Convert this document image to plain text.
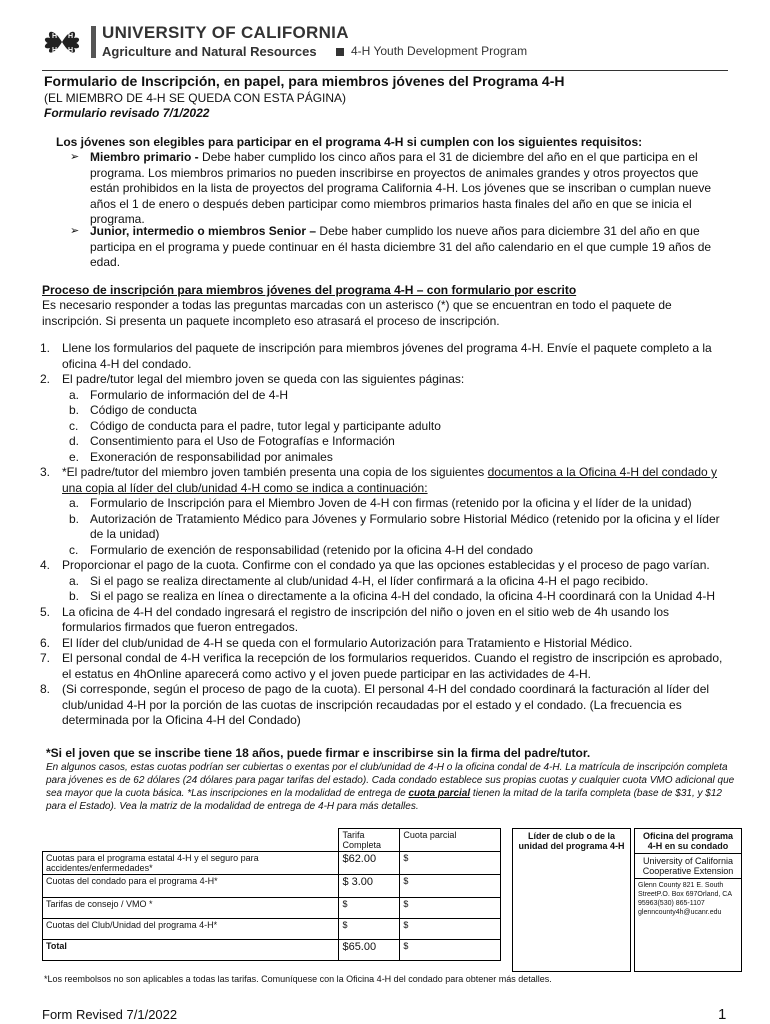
H H
H H
UNIVERSITY OF CALIFORNIA
Agriculture and Natural Resources	4-H Youth Development Program
Formulario de Inscripción, en papel, para miembros jóvenes del Programa 4-H
(EL MIEMBRO DE 4-H SE QUEDA CON ESTA PÁGINA)
Formulario revisado 7/1/2022
Los jóvenes son elegibles para participar en el programa 4-H si cumplen con los siguientes requisitos:
➢ Miembro primario - Debe haber cumplido los cinco años para el 31 de diciembre del año en el que participa en el programa. Los miembros primarios no pueden inscribirse en proyectos de animales grandes y otros proyectos que están prohibidos en la lista de proyectos del programa California 4-H. Los jóvenes que se inscriban o cumplan nueve años el 1 de enero o después deben participar como miembros primarios hasta finales del año en que se inicia el programa.
➢ Junior, intermedio o miembros Senior – Debe haber cumplido los nueve años para diciembre 31 del año en que participa en el programa y puede continuar en él hasta diciembre 31 del año calendario en el que cumple 19 años de edad.
Proceso de inscripción para miembros jóvenes del programa 4-H – con formulario por escrito
Es necesario responder a todas las preguntas marcadas con un asterisco (*) que se encuentran en todo el paquete de inscripción. Si presenta un paquete incompleto eso atrasará el proceso de inscripción.
1. Llene los formularios del paquete de inscripción para miembros jóvenes del programa 4-H. Envíe el paquete completo a la oficina 4-H del condado.
2. El padre/tutor legal del miembro joven se queda con las siguientes páginas:
a. Formulario de información del de 4-H
b. Código de conducta
c. Código de conducta para el padre, tutor legal y participante adulto
d. Consentimiento para el Uso de Fotografías e Información
e. Exoneración de responsabilidad por animales
3. *El padre/tutor del miembro joven también presenta una copia de los siguientes documentos a la Oficina 4-H del condado y una copia al líder del club/unidad 4-H como se indica a continuación:
a. Formulario de Inscripción para el Miembro Joven de 4-H con firmas (retenido por la oficina y el líder de la unidad)
b. Autorización de Tratamiento Médico para Jóvenes y Formulario sobre Historial Médico (retenido por la oficina y el líder de la unidad)
c. Formulario de exención de responsabilidad (retenido por la oficina 4-H del condado
4. Proporcionar el pago de la cuota. Confirme con el condado ya que las opciones establecidas y el proceso de pago varían.
a. Si el pago se realiza directamente al club/unidad 4-H, el líder confirmará a la oficina 4-H el pago recibido.
b. Si el pago se realiza en línea o directamente a la oficina 4-H del condado, la oficina 4-H coordinará con la Unidad 4-H
5. La oficina de 4-H del condado ingresará el registro de inscripción del niño o joven en el sitio web de 4h usando los formularios firmados que fueron entregados.
6. El líder del club/unidad de 4-H se queda con el formulario Autorización para Tratamiento e Historial Médico.
7. El personal condal de 4-H verifica la recepción de los formularios requeridos. Cuando el registro de inscripción es aprobado, el estatus en 4hOnline aparecerá como activo y el joven puede participar en las actividades de 4-H.
8. (Si corresponde, según el proceso de pago de la cuota). El personal 4-H del condado coordinará la facturación al líder del club/unidad 4-H por la porción de las cuotas de inscripción recaudadas por el estado y el condado. (La frecuencia es determinada por la Oficina 4-H del Condado)
*Si el joven que se inscribe tiene 18 años, puede firmar e inscribirse sin la firma del padre/tutor.
En algunos casos, estas cuotas podrían ser cubiertas o exentas por el club/unidad de 4-H o la oficina condal de 4-H. La matrícula de inscripción completa para jóvenes es de 62 dólares (24 dólares para pagar tarifas del estado). Cada condado establece sus propias cuotas y cualquier cuota VMO adicional que sea mayor que la cuota básica. *Las inscripciones en la modalidad de entrega de cuota parcial tienen la mitad de la tarifa completa (base de $31, y $12 para el Estado). Vea la matriz de la modalidad de entrega de 4-H para más detalles.
	Tarifa Completa	Cuota parcial
Cuotas para el programa estatal 4-H y el seguro para accidentes/enfermedades*	$62.00	$
Cuotas del condado para el programa 4-H*	$ 3.00	$
Tarifas de consejo / VMO *	$	$
Cuotas del Club/Unidad del programa 4-H*	$	$
Total	$65.00	$
Líder de club o de la unidad del programa 4-H
Oficina del programa 4-H en su condado
University of California Cooperative Extension
Glenn County 821 E. South StreetP.O. Box 697Orland, CA 95963(530) 865-1107 glenncounty4h@ucanr.edu
*Los reembolsos no son aplicables a todas las tarifas. Comuníquese con la Oficina 4-H del condado para obtener más detalles.
Form Revised 7/1/2022	1
